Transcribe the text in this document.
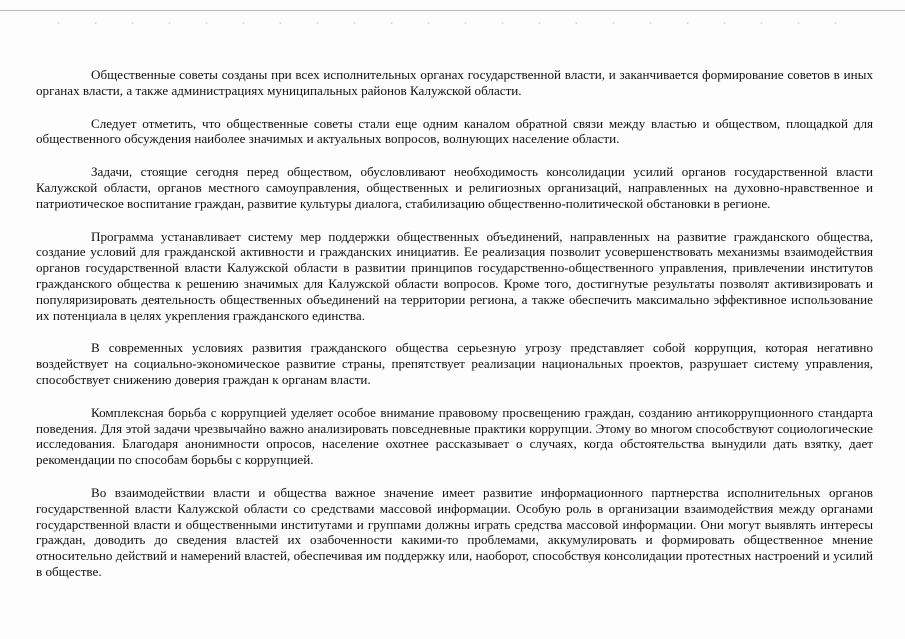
Общественные советы созданы при всех исполнительных органах государственной власти, и заканчивается формирование советов в иных органах власти, а также администрациях муниципальных районов Калужской области.

Следует отметить, что общественные советы стали еще одним каналом обратной связи между властью и обществом, площадкой для общественного обсуждения наиболее значимых и актуальных вопросов, волнующих население области.

Задачи, стоящие сегодня перед обществом, обусловливают необходимость консолидации усилий органов государственной власти Калужской области, органов местного самоуправления, общественных и религиозных организаций, направленных на духовно-нравственное и патриотическое воспитание граждан, развитие культуры диалога, стабилизацию общественно-политической обстановки в регионе.

Программа устанавливает систему мер поддержки общественных объединений, направленных на развитие гражданского общества, создание условий для гражданской активности и гражданских инициатив. Ее реализация позволит усовершенствовать механизмы взаимодействия органов государственной власти Калужской области в развитии принципов государственно-общественного управления, привлечении институтов гражданского общества к решению значимых для Калужской области вопросов. Кроме того, достигнутые результаты позволят активизировать и популяризировать деятельность общественных объединений на территории региона, а также обеспечить максимально эффективное использование их потенциала в целях укрепления гражданского единства.

В современных условиях развития гражданского общества серьезную угрозу представляет собой коррупция, которая негативно воздействует на социально-экономическое развитие страны, препятствует реализации национальных проектов, разрушает систему управления, способствует снижению доверия граждан к органам власти.

Комплексная борьба с коррупцией уделяет особое внимание правовому просвещению граждан, созданию антикоррупционного стандарта поведения. Для этой задачи чрезвычайно важно анализировать повседневные практики коррупции. Этому во многом способствуют социологические исследования. Благодаря анонимности опросов, население охотнее рассказывает о случаях, когда обстоятельства вынудили дать взятку, дает рекомендации по способам борьбы с коррупцией.

Во взаимодействии власти и общества важное значение имеет развитие информационного партнерства исполнительных органов государственной власти Калужской области со средствами массовой информации. Особую роль в организации взаимодействия между органами государственной власти и общественными институтами и группами должны играть средства массовой информации. Они могут выявлять интересы граждан, доводить до сведения властей их озабоченности какими-то проблемами, аккумулировать и формировать общественное мнение относительно действий и намерений властей, обеспечивая им поддержку или, наоборот, способствуя консолидации протестных настроений и усилий в обществе.
